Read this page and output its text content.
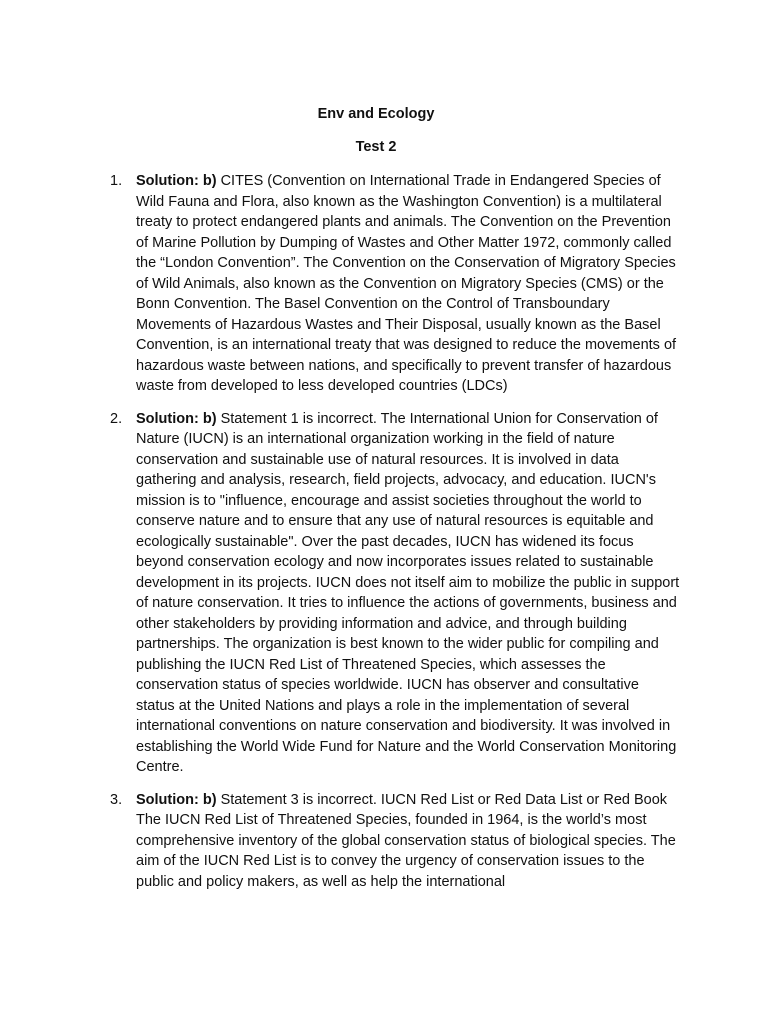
Env and Ecology

Test 2

1. Solution: b) CITES (Convention on International Trade in Endangered Species of Wild Fauna and Flora, also known as the Washington Convention) is a multilateral treaty to protect endangered plants and animals. The Convention on the Prevention of Marine Pollution by Dumping of Wastes and Other Matter 1972, commonly called the “London Convention”. The Convention on the Conservation of Migratory Species of Wild Animals, also known as the Convention on Migratory Species (CMS) or the Bonn Convention. The Basel Convention on the Control of Transboundary Movements of Hazardous Wastes and Their Disposal, usually known as the Basel Convention, is an international treaty that was designed to reduce the movements of hazardous waste between nations, and specifically to prevent transfer of hazardous waste from developed to less developed countries (LDCs)
2. Solution: b) Statement 1 is incorrect. The International Union for Conservation of Nature (IUCN) is an international organization working in the field of nature conservation and sustainable use of natural resources. It is involved in data gathering and analysis, research, field projects, advocacy, and education. IUCN's mission is to "influence, encourage and assist societies throughout the world to conserve nature and to ensure that any use of natural resources is equitable and ecologically sustainable". Over the past decades, IUCN has widened its focus beyond conservation ecology and now incorporates issues related to sustainable development in its projects. IUCN does not itself aim to mobilize the public in support of nature conservation. It tries to influence the actions of governments, business and other stakeholders by providing information and advice, and through building partnerships. The organization is best known to the wider public for compiling and publishing the IUCN Red List of Threatened Species, which assesses the conservation status of species worldwide. IUCN has observer and consultative status at the United Nations and plays a role in the implementation of several international conventions on nature conservation and biodiversity. It was involved in establishing the World Wide Fund for Nature and the World Conservation Monitoring Centre.
3. Solution: b) Statement 3 is incorrect. IUCN Red List or Red Data List or Red Book The IUCN Red List of Threatened Species, founded in 1964, is the world’s most comprehensive inventory of the global conservation status of biological species. The aim of the IUCN Red List is to convey the urgency of conservation issues to the public and policy makers, as well as help the international
